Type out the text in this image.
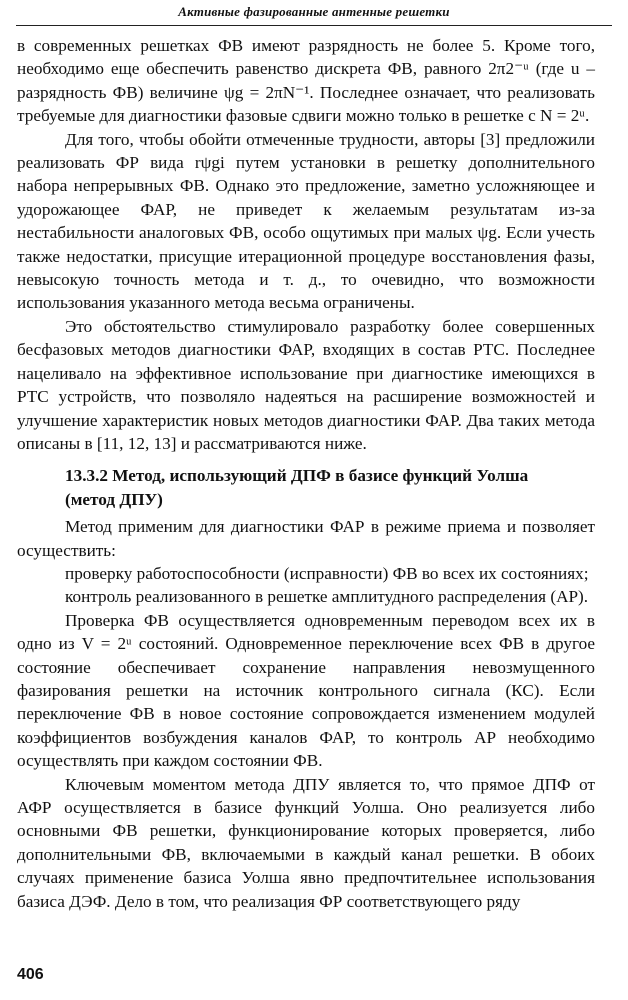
Активные фазированные антенные решетки

в современных решетках ФВ имеют разрядность не более 5. Кроме того, необходимо еще обеспечить равенство дискрета ФВ, равного 2π2⁻ᵘ (где u – разрядность ФВ) величине ψg = 2πN⁻¹. Последнее означает, что реализовать требуемые для диагностики фазовые сдвиги можно только в решетке с N = 2ᵘ.

Для того, чтобы обойти отмеченные трудности, авторы [3] предложили реализовать ФР вида rψgi путем установки в решетку дополнительного набора непрерывных ФВ. Однако это предложение, заметно усложняющее и удорожающее ФАР, не приведет к желаемым результатам из-за нестабильности аналоговых ФВ, особо ощутимых при малых ψg. Если учесть также недостатки, присущие итерационной процедуре восстановления фазы, невысокую точность метода и т. д., то очевидно, что возможности использования указанного метода весьма ограничены.

Это обстоятельство стимулировало разработку более совершенных бесфазовых методов диагностики ФАР, входящих в состав РТС. Последнее нацеливало на эффективное использование при диагностике имеющихся в РТС устройств, что позволяло надеяться на расширение возможностей и улучшение характеристик новых методов диагностики ФАР. Два таких метода описаны в [11, 12, 13] и рассматриваются ниже.

13.3.2 Метод, использующий ДПФ в базисе функций Уолша
(метод ДПУ)

Метод применим для диагностики ФАР в режиме приема и позволяет осуществить:

проверку работоспособности (исправности) ФВ во всех их состояниях;

контроль реализованного в решетке амплитудного распределения (АР).

Проверка ФВ осуществляется одновременным переводом всех их в одно из V = 2ᵘ состояний. Одновременное переключение всех ФВ в другое состояние обеспечивает сохранение направления невозмущенного фазирования решетки на источник контрольного сигнала (КС). Если переключение ФВ в новое состояние сопровождается изменением модулей коэффициентов возбуждения каналов ФАР, то контроль АР необходимо осуществлять при каждом состоянии ФВ.

Ключевым моментом метода ДПУ является то, что прямое ДПФ от АФР осуществляется в базисе функций Уолша. Оно реализуется либо основными ФВ решетки, функционирование которых проверяется, либо дополнительными ФВ, включаемыми в каждый канал решетки. В обоих случаях применение базиса Уолша явно предпочтительнее использования базиса ДЭФ. Дело в том, что реализация ФР соответствующего ряду

406
